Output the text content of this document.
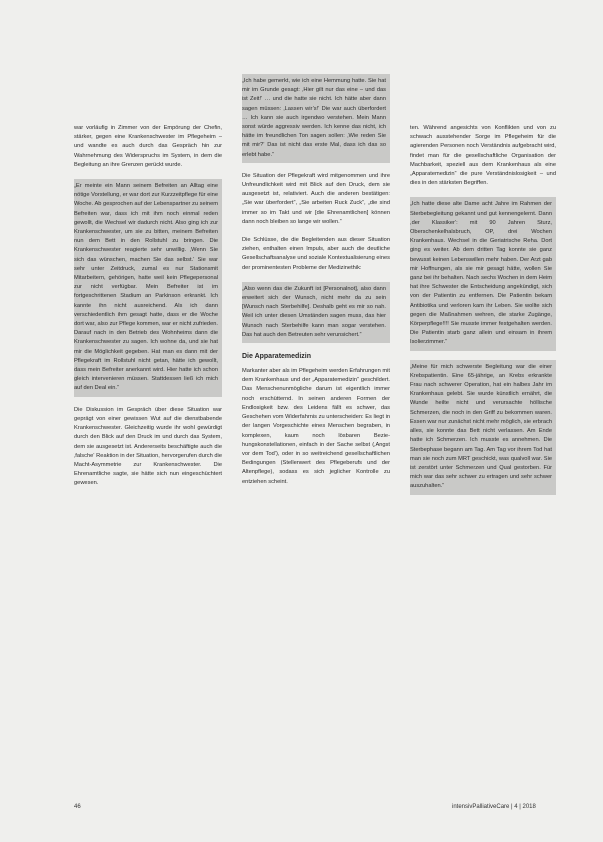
war vorläufig in Zimmer von der Empörung der Chefin, stärker, gegen eine Krankenschwester im Pflegeheim – und wandte es auch durch das Gespräch hin zur Wahrnehmung des Widerspruchs im System, in dem die Begleitung an ihre Grenzen gerückt wurde.

„Er meinte ein Mann seinem Befreiten an Alltag eine nötige Vorstellung, er war dort zur Kurzzeitpflege für eine Woche. Ab gesprochen auf der Lebenspartner zu seinem Befreiten war, dass ich mit ihm noch einmal reden gewollt, die Wechsel wir dadurch nicht. Also ging ich zur Krankenschwester, um sie zu bitten, meinem Befreiten nun dem Bett in den Rollstuhl zu bringen. Die Krankenschwester reagierte sehr unwillig. ‚Wenn Sie sich das wünschen, machen Sie das selbst.‘ Sie war sehr unter Zeitdruck, zumal es nur Stationsmit Mitarbeitern, gehörigen, hatte weil kein Pflegepersonal zur nicht verfügbar. Mein Befreiter ist im fortgeschrittenen Stadium an Parkinson erkrankt. Ich kannte ihn nicht ausreichend. Als ich dann verschiedentlich ihm gesagt hatte, dass er die Woche dort war, also zur Pflege kommen, war er nicht zufrieden. Darauf nach in den Betrieb des Wohnheims dann die Krankenschwester zu sagen. Ich wohne da, und sie hat mir die Möglichkeit gegeben. Hat man es dann mit der Pflegekraft im Rollstuhl nicht getan, hätte ich gewollt, dass mein Befreiter anerkannt wird. Hier hatte ich schon gleich intervenieren müssen. Stattdessen ließ ich mich auf den Deal ein.“

Die Diskussion im Gespräch über diese Situation war geprägt von einer gewissen Wut auf die dienstbabende Krankenschwester. Gleichzeitig wurde ihr wohl gewürdigt durch den Blick auf den Druck im und durch das System, dem sie ausgesetzt ist. Andererseits beschäftigte auch die ‚falsche‘ Reaktion in der Situation, hervorgerufen durch die Macht-Asymmetrie zur Krankenschwester. Die Ehrenamtliche sagte, sie hätte sich nun eingeschüchtert gewesen.

„Ich habe gemerkt, wie ich eine Hemmung hatte. Sie hat mir im Grunde gesagt: ‚Hier gilt nur das eine – und das ist Zeit!‘ … und die hatte sie nicht. Ich hätte aber dann sagen müssen: ‚Lassen wir’s!‘ Die war auch überfordert … Ich kann sie auch irgendwo verstehen. Mein Mann sonst würde aggressiv werden. Ich kenne das nicht, ich hätte im freundlichen Ton sagen sollen: ‚Wie reden Sie mit mir?‘ Das ist nicht das erste Mal, dass ich das so erlebt habe.“

Die Situation der Pflegekraft wird mitgenommen und ihre Unfreundlichkeit wird mit Blick auf den Druck, dem sie ausgesetzt ist, relativiert. Auch die anderen bestätigen: „Sie war überfordert“, „Sie arbeiten Ruck Zuck“, „die sind immer so im Takt und wir [die Ehrenamtlichen] können dann noch bleiben so lange wir wollen.“

Die Schlüsse, die die Begleitenden aus dieser Situation ziehen, enthalten einen Impuls, aber auch die deutliche Gesellschaftsanalyse und soziale Kontextualisierung eines der prominentesten Probleme der Medizinethik:

„Also wenn das die Zukunft ist [Personalnot], also dann erweitert sich der Wunsch, nicht mehr da zu sein [Wunsch nach Sterbehilfe]. Deshalb geht es mir so nah. Weil ich unter diesen Umständen sagen muss, das hier Wunsch nach Sterbehilfe kann man sogar verstehen. Das hat auch den Betreuten sehr verunsichert.“

Die Apparatemedizin

Markanter aber als im Pflegeheim werden Erfahrungen mit dem Krankenhaus und der „Apparatemedizin“ geschildert. Das Menschenunmögliche darum ist eigentlich immer noch erschütternd. In seinen anderen Formen der Endlosigkeit bzw. des Leidens fällt es schwer, das Geschehen vom Widerfahrnis zu unterscheiden: Es liegt in der langen Vorgeschichte eines Menschen begraben, in komplexen, kaum noch lösbaren Bezie-hungskonstellationen, einfach in der Sache selbst (‚Angst vor dem Tod‘), oder in so weitreichend gesellschaftlichen Bedingungen (Stellenwert des Pflegeberufs und der Altenpflege), sodass es sich jeglicher Kontrolle zu entziehen scheint.

ten. Während angesichts von Konflikten und von zu schwach ausstehender Sorge im Pflegeheim für die agierenden Personen noch Verständnis aufgebracht wird, findet man für die gesellschaftliche Organisation der Machbarkeit, speziell aus dem Krankenhaus als eine „Apparatemedizin“ die pure Verständnislosigkeit – und dies in den stärksten Begriffen.

„Ich hatte diese alte Dame acht Jahre im Rahmen der Sterbebegleitung gekannt und gut kennengelernt. Dann ,der Klassiker‘: mit 90 Jahren Sturz, Oberschenkelhalsbruch, OP, drei Wochen Krankenhaus. Wechsel in die Geriatrische Reha. Dort ging es weiter. Ab dem dritten Tag konnte sie ganz bewusst keinen Lebenswillen mehr haben. Der Arzt gab mir Hoffnungen, als sie mir gesagt hätte, wollen Sie ganz bei ihr behalten. Nach sechs Wochen in dem Heim hat ihre Schwester die Entscheidung angekündigt, sich von der Patientin zu entfernen. Die Patientin bekam Antibiotika und verloren kam ihr Leben. Sie wollte sich gegen die Maßnahmen wehren, die starke Zugänge, Körperpflege!!!! Sie musste immer festgehalten werden. Die Patientin starb ganz allein und einsam in ihrem Isolierzimmer.“

„Meine für mich schwerste Begleitung war die einer Krebspatientin. Eine 65-jährige, an Krebs erkrankte Frau nach schwerer Operation, hat ein halbes Jahr im Krankenhaus gelebt. Sie wurde künstlich ernährt, die Wunde heilte nicht und verursachte höllische Schmerzen, die noch in den Griff zu bekommen waren. Essen war nur zunächst nicht mehr möglich, sie erbrach alles, sie konnte das Bett nicht verlassen. Am Ende hatte ich Schmerzen. Ich musste es annehmen. Die Sterbephase begann am Tag. Am Tag vor ihrem Tod hat man sie noch zum MRT geschickt, was qualvoll war. Sie ist zerstört unter Schmerzen und Qual gestorben. Für mich war das sehr schwer zu ertragen und sehr schwer auszuhalten.“

46	intensivPalliativeCare | 4 | 2018
